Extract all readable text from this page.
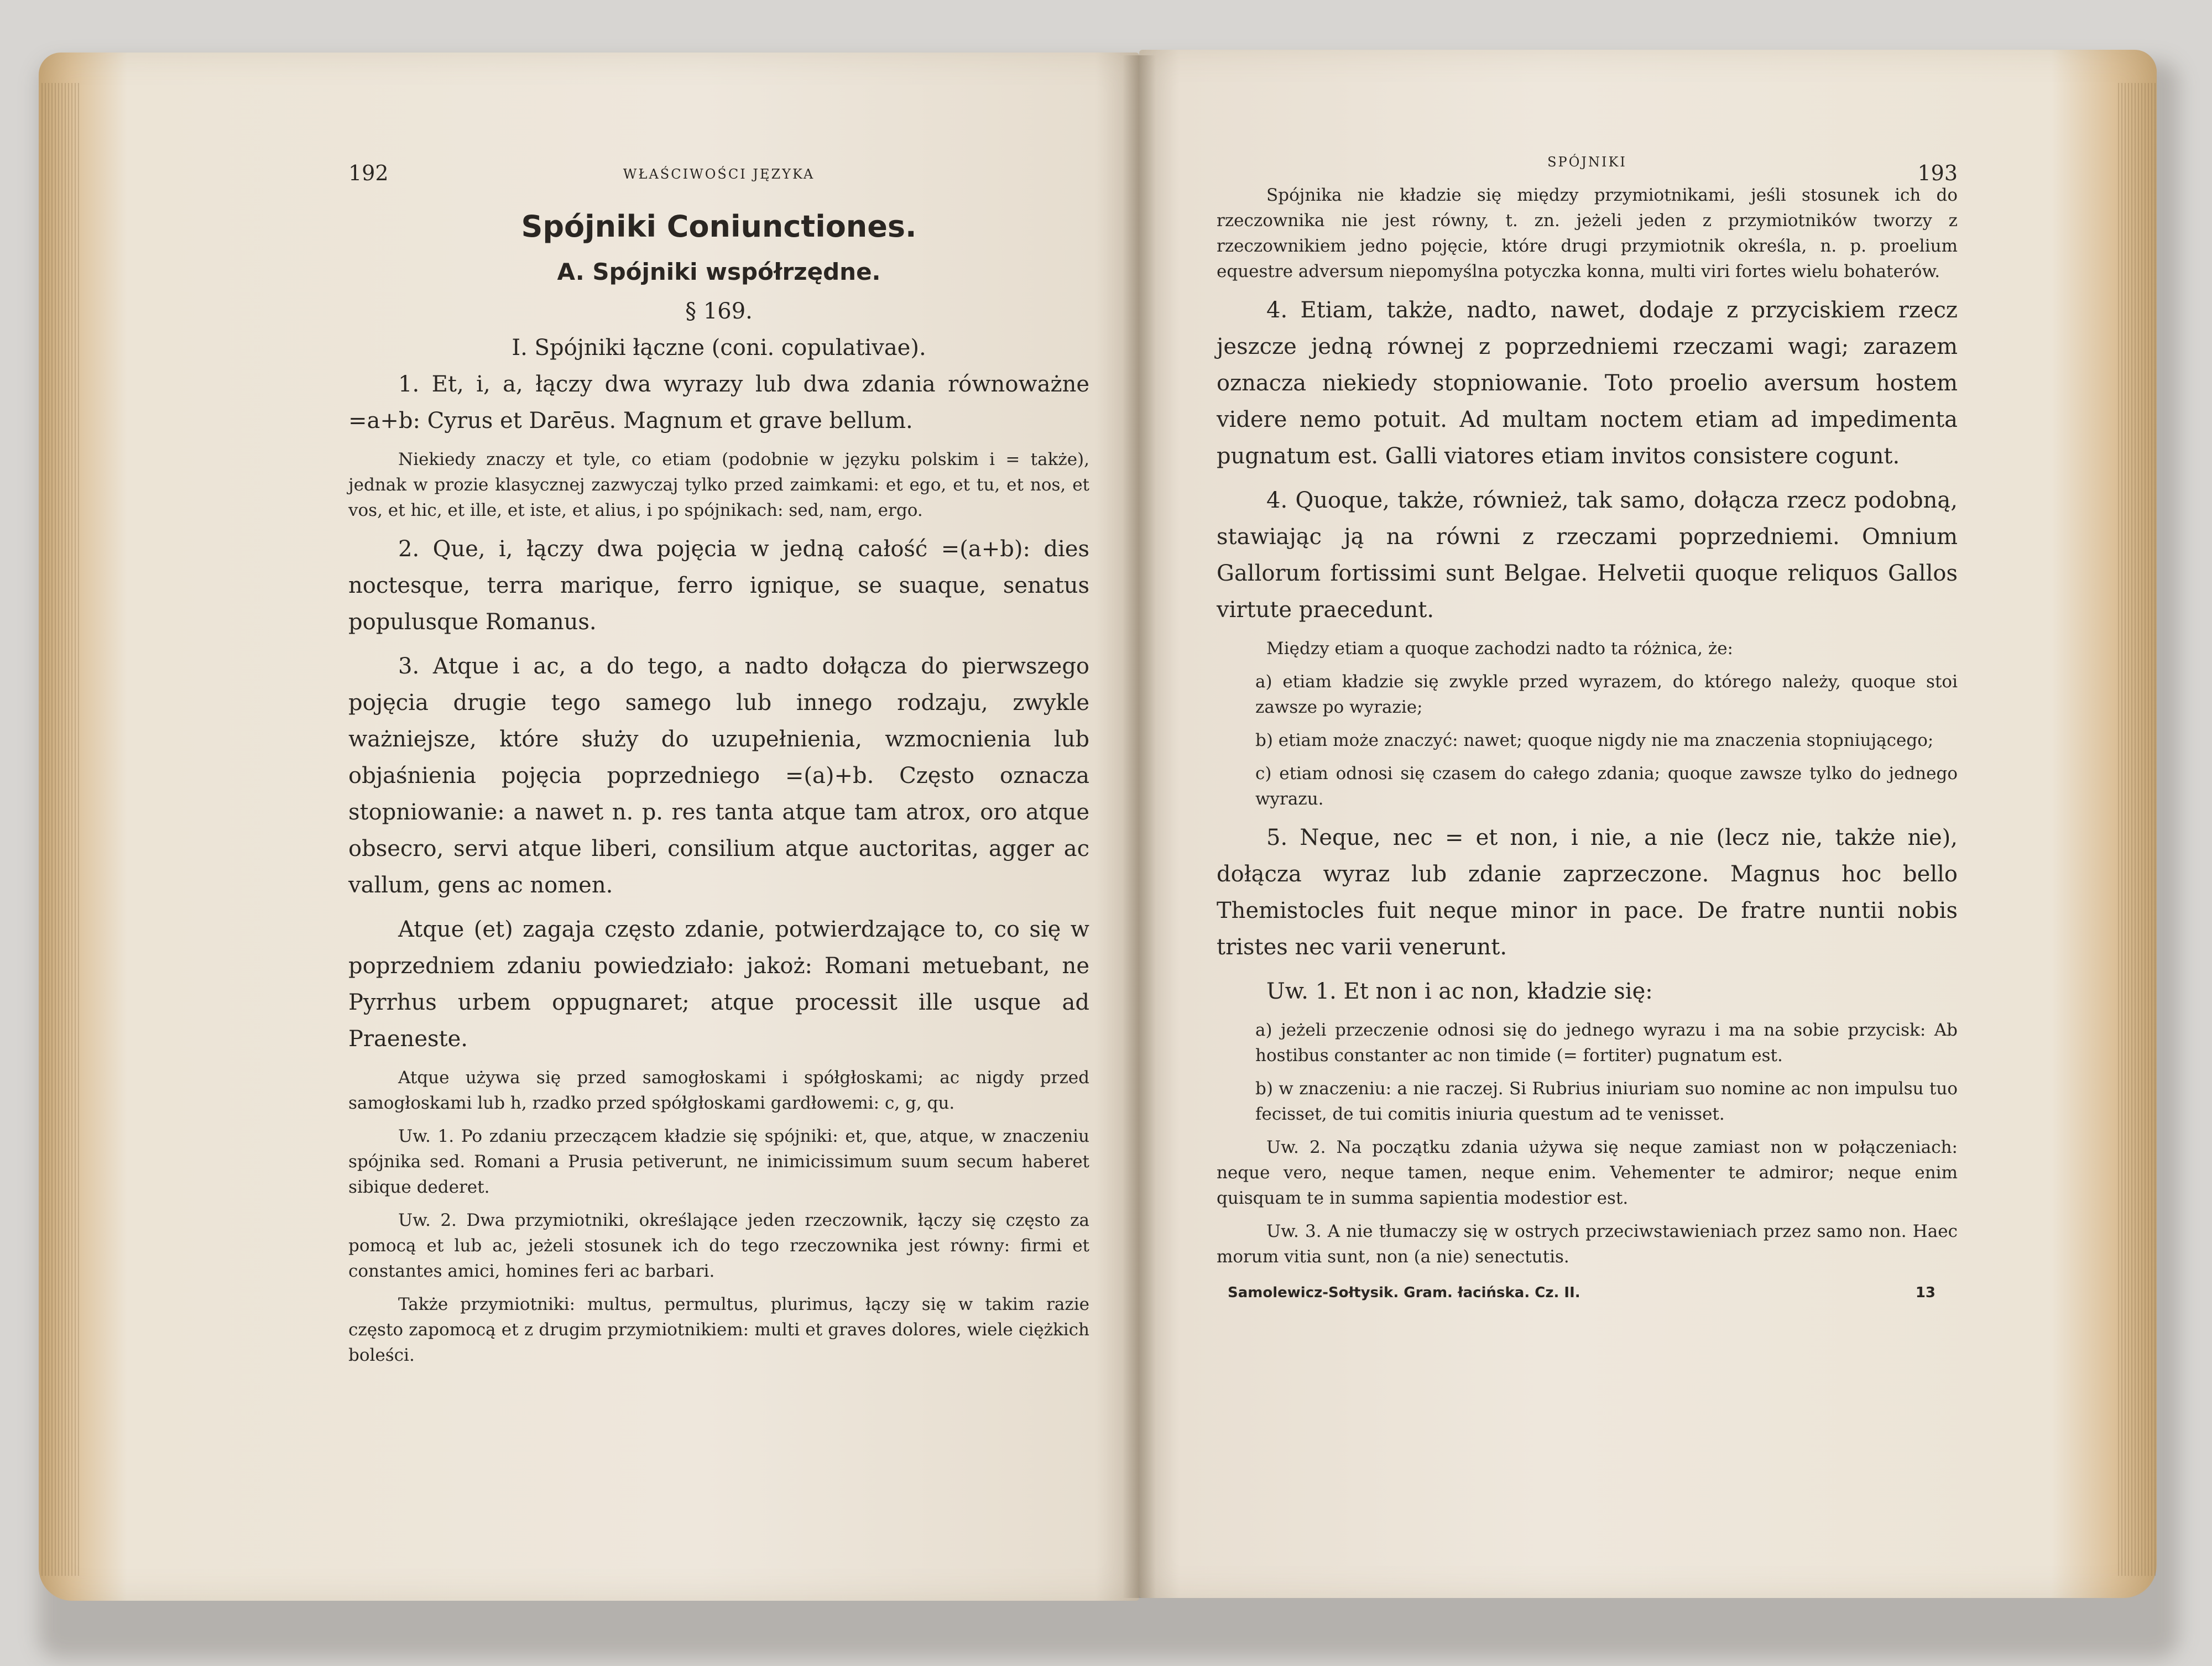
192	WŁAŚCIWOŚCI JĘZYKA
Spójniki Coniunctiones.
A. Spójniki współrzędne.

§ 169.

I. Spójniki łączne (coni. copulativae).

1. Et, i, a, łączy dwa wyrazy lub dwa zdania równoważne =a+b: Cyrus et Darēus. Magnum et grave bellum.

Niekiedy znaczy et tyle, co etiam (podobnie w języku polskim i = także), jednak w prozie klasycznej zazwyczaj tylko przed zaimkami: et ego, et tu, et nos, et vos, et hic, et ille, et iste, et alius, i po spójnikach: sed, nam, ergo.

2. Que, i, łączy dwa pojęcia w jedną całość =(a+b): dies noctesque, terra marique, ferro ignique, se suaque, senatus populusque Romanus.

3. Atque i ac, a do tego, a nadto dołącza do pierwszego pojęcia drugie tego samego lub innego rodzaju, zwykle ważniejsze, które służy do uzupełnienia, wzmocnienia lub objaśnienia pojęcia poprzedniego =(a)+b. Często oznacza stopniowanie: a nawet n. p. res tanta atque tam atrox, oro atque obsecro, servi atque liberi, consilium atque auctoritas, agger ac vallum, gens ac nomen.

Atque (et) zagaja często zdanie, potwierdzające to, co się w poprzedniem zdaniu powiedziało: jakoż: Romani metuebant, ne Pyrrhus urbem oppugnaret; atque processit ille usque ad Praeneste.

Atque używa się przed samogłoskami i spółgłoskami; ac nigdy przed samogłoskami lub h, rzadko przed spółgłoskami gardłowemi: c, g, qu.

Uw. 1. Po zdaniu przeczącem kładzie się spójniki: et, que, atque, w znaczeniu spójnika sed. Romani a Prusia petiverunt, ne inimicissimum suum secum haberet sibique dederet.

Uw. 2. Dwa przymiotniki, określające jeden rzeczownik, łączy się często za pomocą et lub ac, jeżeli stosunek ich do tego rzeczownika jest równy: firmi et constantes amici, homines feri ac barbari.

Także przymiotniki: multus, permultus, plurimus, łączy się w takim razie często zapomocą et z drugim przymiotnikiem: multi et graves dolores, wiele ciężkich boleści.

SPÓJNIKI	193

Spójnika nie kładzie się między przymiotnikami, jeśli stosunek ich do rzeczownika nie jest równy, t. zn. jeżeli jeden z przymiotników tworzy z rzeczownikiem jedno pojęcie, które drugi przymiotnik określa, n. p. proelium equestre adversum niepomyślna potyczka konna, multi viri fortes wielu bohaterów.

4. Etiam, także, nadto, nawet, dodaje z przyciskiem rzecz jeszcze jedną równej z poprzedniemi rzeczami wagi; zarazem oznacza niekiedy stopniowanie. Toto proelio aversum hostem videre nemo potuit. Ad multam noctem etiam ad impedimenta pugnatum est. Galli viatores etiam invitos consistere cogunt.

4. Quoque, także, również, tak samo, dołącza rzecz podobną, stawiając ją na równi z rzeczami poprzedniemi. Omnium Gallorum fortissimi sunt Belgae. Helvetii quoque reliquos Gallos virtute praecedunt.

Między etiam a quoque zachodzi nadto ta różnica, że:

a) etiam kładzie się zwykle przed wyrazem, do którego należy, quoque stoi zawsze po wyrazie;

b) etiam może znaczyć: nawet; quoque nigdy nie ma znaczenia stopniującego;

c) etiam odnosi się czasem do całego zdania; quoque zawsze tylko do jednego wyrazu.

5. Neque, nec = et non, i nie, a nie (lecz nie, także nie), dołącza wyraz lub zdanie zaprzeczone. Magnus hoc bello Themistocles fuit neque minor in pace. De fratre nuntii nobis tristes nec varii venerunt.

Uw. 1. Et non i ac non, kładzie się:

a) jeżeli przeczenie odnosi się do jednego wyrazu i ma na sobie przycisk: Ab hostibus constanter ac non timide (= fortiter) pugnatum est.

b) w znaczeniu: a nie raczej. Si Rubrius iniuriam suo nomine ac non impulsu tuo fecisset, de tui comitis iniuria questum ad te venisset.

Uw. 2. Na początku zdania używa się neque zamiast non w połączeniach: neque vero, neque tamen, neque enim. Vehementer te admiror; neque enim quisquam te in summa sapientia modestior est.

Uw. 3. A nie tłumaczy się w ostrych przeciwstawieniach przez samo non. Haec morum vitia sunt, non (a nie) senectutis.

Samolewicz-Sołtysik. Gram. łacińska. Cz. II.	13
